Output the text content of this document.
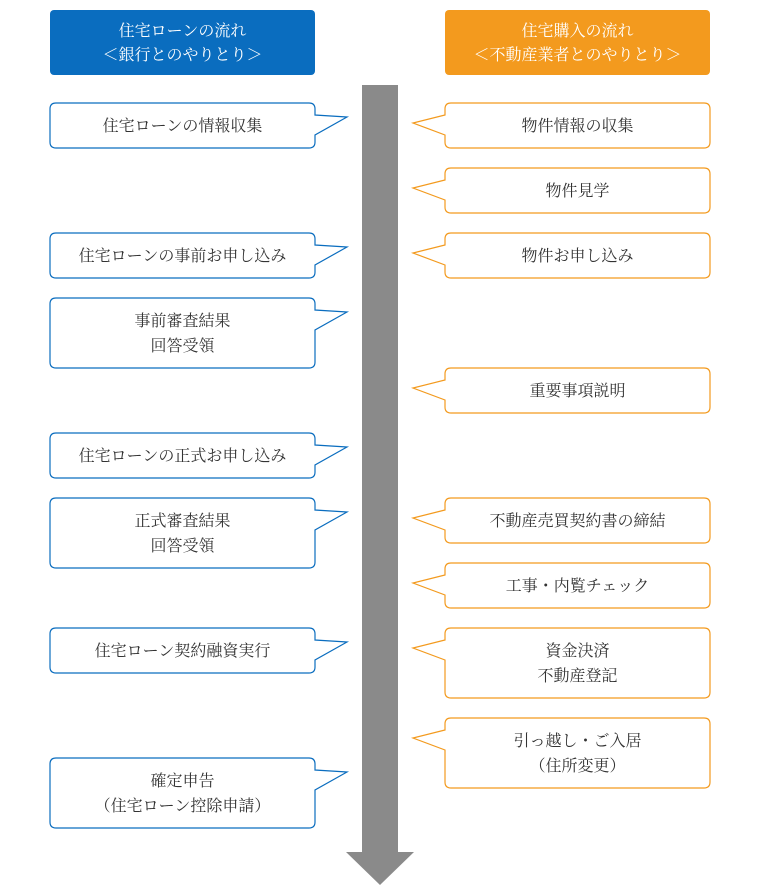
住宅ローンの流れ
＜銀行とのやりとり＞
住宅購入の流れ
＜不動産業者とのやりとり＞
住宅ローンの情報収集
住宅ローンの事前お申し込み
事前審査結果
回答受領
住宅ローンの正式お申し込み
正式審査結果
回答受領
住宅ローン契約融資実行
確定申告
（住宅ローン控除申請）
物件情報の収集
物件見学
物件お申し込み
重要事項説明
不動産売買契約書の締結
工事・内覧チェック
資金決済
不動産登記
引っ越し・ご入居
（住所変更）
